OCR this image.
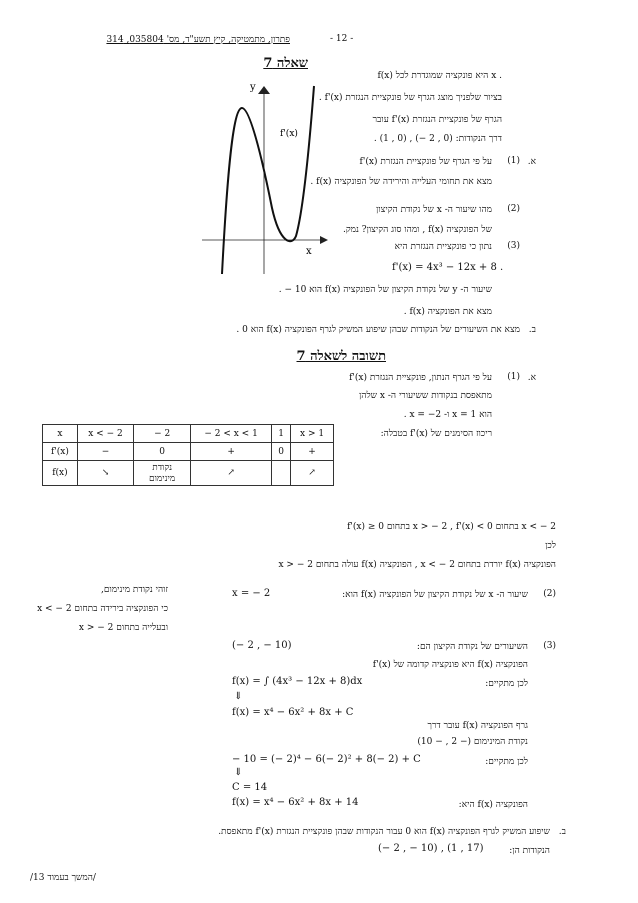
פתרון, מתמטיקה, קיץ תשע"ד, מס' 035804, 314	- 12 -
שאלה 7
y
x
f'(x)
f(x) היא פונקציה שמוגדרת לכל x .
בציור שלפניך מוצג הגרף של פונקציית הנגזרת f'(x) .
הגרף של פונקציית הנגזרת f'(x) עובר
דרך הנקודות: (0 , 2 −) , (0 , 1) .
א.
(1)
על פי הגרף של פונקציית הנגזרת f'(x)
מצא את תחומי העלייה והירידה של הפונקציה f(x) .
(2)
מהו שיעור ה- x של נקודת הקיצון
של הפונקציה f(x) , ומהו סוג הקיצון? נמק.
(3)
נתון כי פונקציית הנגזרת היא
f'(x) = 4x³ − 12x + 8 .
שיעור ה- y של נקודת הקיצון של הפונקציה f(x) הוא 10 − .
מצא את הפונקציה f(x) .
ב.
מצא את השיעורים של הנקודות שבהן שיפוע המשיק לגרף הפונקציה f(x) הוא 0 .
תשובה לשאלה 7
א.
(1)
על פי הגרף הנתון, פונקציית הנגזרת f'(x)
מתאפסת בנקודות ששיעורי ה- x שלהן
הוא x = 1 ו- x = −2 .
ריכוז הסימנים של f'(x) בטבלה:
x	x < − 2	− 2	− 2 < x < 1	1	x > 1
f'(x)	−	0	+	0	+
f(x)	↘	נקודת מינימום	↗		↗
f'(x) ≥ 0 בתחום x > − 2 , f'(x) < 0 בתחום x < − 2
לכן
הפונקציה f(x) יורדת בתחום x < − 2 , הפונקציה f(x) עולה בתחום x > − 2
(2)
שיעור ה- x של נקודת הקיצון של הפונקציה f(x) הוא:
x = − 2
זוהי נקודת מינימום,
כי הפונקציה בירידה בתחום x < − 2
ובעלייה בתחום x > − 2
(3)
השיעורים של נקודת הקיצון הם:
(− 2 , − 10)
הפונקציה f(x) היא פונקציה קדומה של f'(x)
לכן מתקיים:
f(x) = ∫ (4x³ − 12x + 8)dx
⇓
f(x) = x⁴ − 6x² + 8x + C
גרף הפונקציה f(x) עובר דרך
נקודת המינימום (− 2 , − 10)
לכן מתקיים:
− 10 = (− 2)⁴ − 6(− 2)² + 8(− 2) + C
⇓
C = 14
הפונקציה f(x) היא:
f(x) = x⁴ − 6x² + 8x + 14
ב.
שיפוע המשיק לגרף הפונקציה f(x) הוא 0 עבור הנקודות שבהן פונקציית הנגזרת f'(x) מתאפסת.
הנקודות הן:
(− 2 , − 10) , (1 , 17)
/המשך בעמוד 13/
